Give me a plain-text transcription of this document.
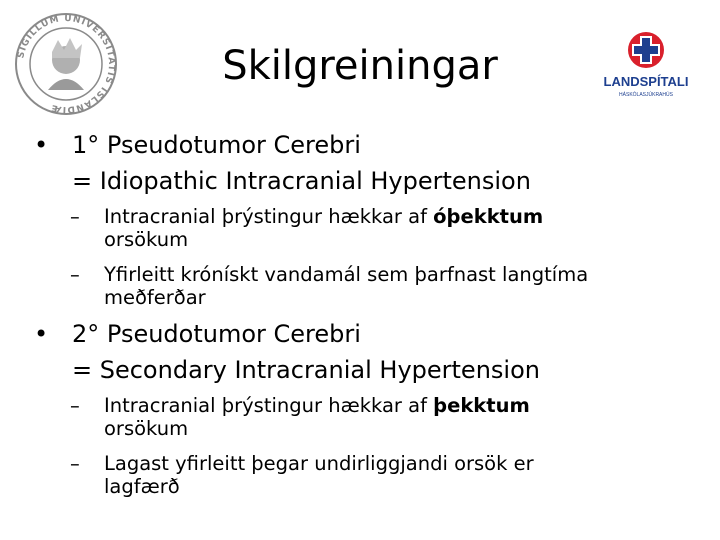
SIGILLUM UNIVERSITATIS ISLANDIÆ
LANDSPÍTALI
HÁSKÓLASJÚKRAHÚS
Skilgreiningar
• 1° Pseudotumor Cerebri
= Idiopathic Intracranial Hypertension
– Intracranial þrýstingur hækkar af óþekktum
orsökum
– Yfirleitt krónískt vandamál sem þarfnast langtíma
meðferðar
• 2° Pseudotumor Cerebri
= Secondary Intracranial Hypertension
– Intracranial þrýstingur hækkar af þekktum
orsökum
– Lagast yfirleitt þegar undirliggjandi orsök er
lagfærð
